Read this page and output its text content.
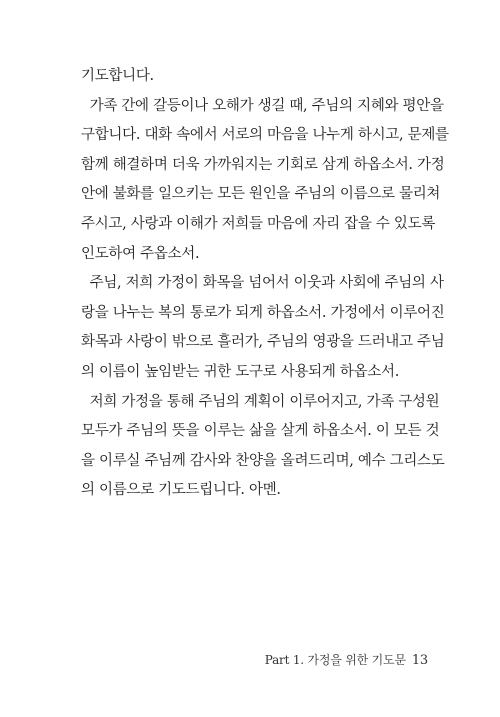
기도합니다.
가족 간에 갈등이나 오해가 생길 때, 주님의 지혜와 평안을
구합니다. 대화 속에서 서로의 마음을 나누게 하시고, 문제를
함께 해결하며 더욱 가까워지는 기회로 삼게 하옵소서. 가정
안에 불화를 일으키는 모든 원인을 주님의 이름으로 물리쳐
주시고, 사랑과 이해가 저희들 마음에 자리 잡을 수 있도록
인도하여 주옵소서.
주님, 저희 가정이 화목을 넘어서 이웃과 사회에 주님의 사
랑을 나누는 복의 통로가 되게 하옵소서. 가정에서 이루어진
화목과 사랑이 밖으로 흘러가, 주님의 영광을 드러내고 주님
의 이름이 높임받는 귀한 도구로 사용되게 하옵소서.
저희 가정을 통해 주님의 계획이 이루어지고, 가족 구성원
모두가 주님의 뜻을 이루는 삶을 살게 하옵소서. 이 모든 것
을 이루실 주님께 감사와 찬양을 올려드리며, 예수 그리스도
의 이름으로 기도드립니다. 아멘.
Part 1. 가정을 위한 기도문 13
